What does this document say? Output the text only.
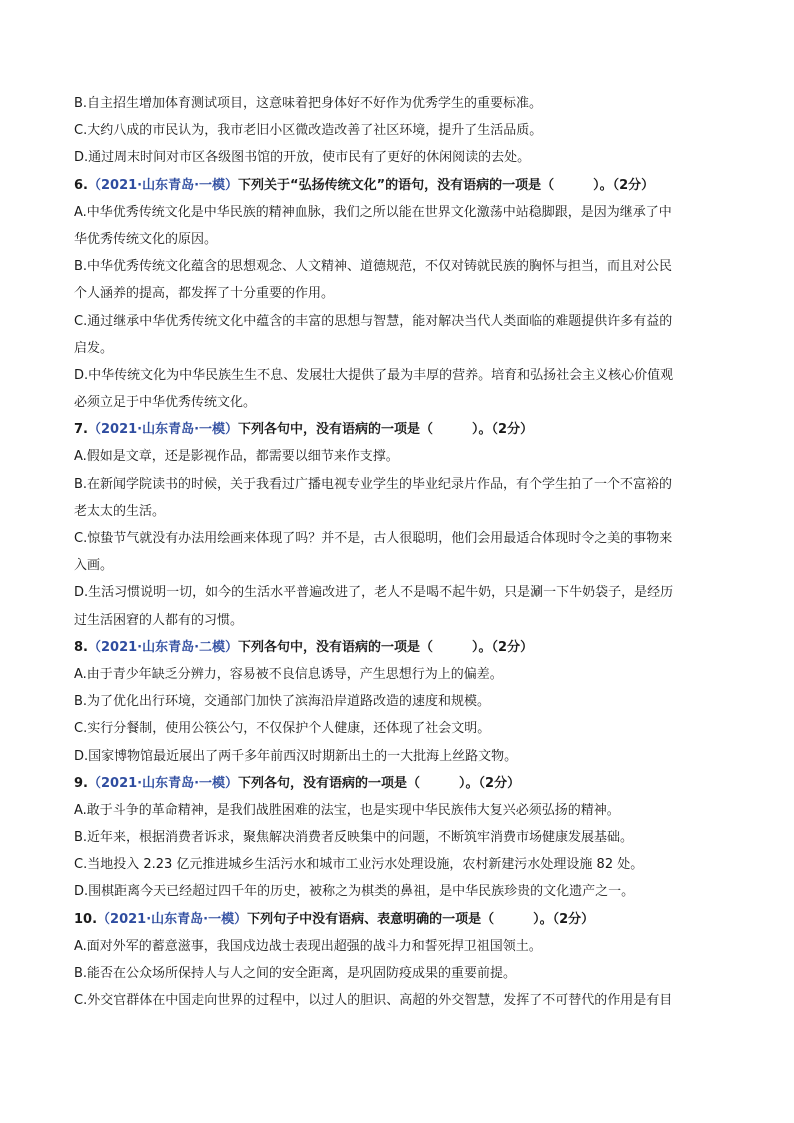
B.自主招生增加体育测试项目，这意味着把身体好不好作为优秀学生的重要标准。
C.大约八成的市民认为，我市老旧小区微改造改善了社区环境，提升了生活品质。
D.通过周末时间对市区各级图书馆的开放，使市民有了更好的休闲阅读的去处。
6.（2021·山东青岛·一模）下列关于“弘扬传统文化”的语句，没有语病的一项是（　　　）。（2分）
A.中华优秀传统文化是中华民族的精神血脉，我们之所以能在世界文化激荡中站稳脚跟，是因为继承了中
华优秀传统文化的原因。
B.中华优秀传统文化蕴含的思想观念、人文精神、道德规范，不仅对铸就民族的胸怀与担当，而且对公民
个人涵养的提高，都发挥了十分重要的作用。
C.通过继承中华优秀传统文化中蕴含的丰富的思想与智慧，能对解决当代人类面临的难题提供许多有益的
启发。
D.中华传统文化为中华民族生生不息、发展壮大提供了最为丰厚的营养。培育和弘扬社会主义核心价值观
必须立足于中华优秀传统文化。
7.（2021·山东青岛·一模）下列各句中，没有语病的一项是（　　　）。（2分）
A.假如是文章，还是影视作品，都需要以细节来作支撑。
B.在新闻学院读书的时候，关于我看过广播电视专业学生的毕业纪录片作品，有个学生拍了一个不富裕的
老太太的生活。
C.惊蛰节气就没有办法用绘画来体现了吗？并不是，古人很聪明，他们会用最适合体现时令之美的事物来
入画。
D.生活习惯说明一切，如今的生活水平普遍改进了，老人不是喝不起牛奶，只是涮一下牛奶袋子，是经历
过生活困窘的人都有的习惯。
8.（2021·山东青岛·二模）下列各句中，没有语病的一项是（　　　）。（2分）
A.由于青少年缺乏分辨力，容易被不良信息诱导，产生思想行为上的偏差。
B.为了优化出行环境，交通部门加快了滨海沿岸道路改造的速度和规模。
C.实行分餐制，使用公筷公勺，不仅保护个人健康，还体现了社会文明。
D.国家博物馆最近展出了两千多年前西汉时期新出土的一大批海上丝路文物。
9.（2021·山东青岛·一模）下列各句，没有语病的一项是（　　　）。（2分）
A.敢于斗争的革命精神，是我们战胜困难的法宝，也是实现中华民族伟大复兴必须弘扬的精神。
B.近年来，根据消费者诉求，聚焦解决消费者反映集中的问题，不断筑牢消费市场健康发展基础。
C.当地投入 2.23 亿元推进城乡生活污水和城市工业污水处理设施，农村新建污水处理设施 82 处。
D.围棋距离今天已经超过四千年的历史，被称之为棋类的鼻祖，是中华民族珍贵的文化遗产之一。
10.（2021·山东青岛·一模）下列句子中没有语病、表意明确的一项是（　　　）。（2分）
A.面对外军的蓄意滋事，我国戍边战士表现出超强的战斗力和誓死捍卫祖国领土。
B.能否在公众场所保持人与人之间的安全距离，是巩固防疫成果的重要前提。
C.外交官群体在中国走向世界的过程中，以过人的胆识、高超的外交智慧，发挥了不可替代的作用是有目
